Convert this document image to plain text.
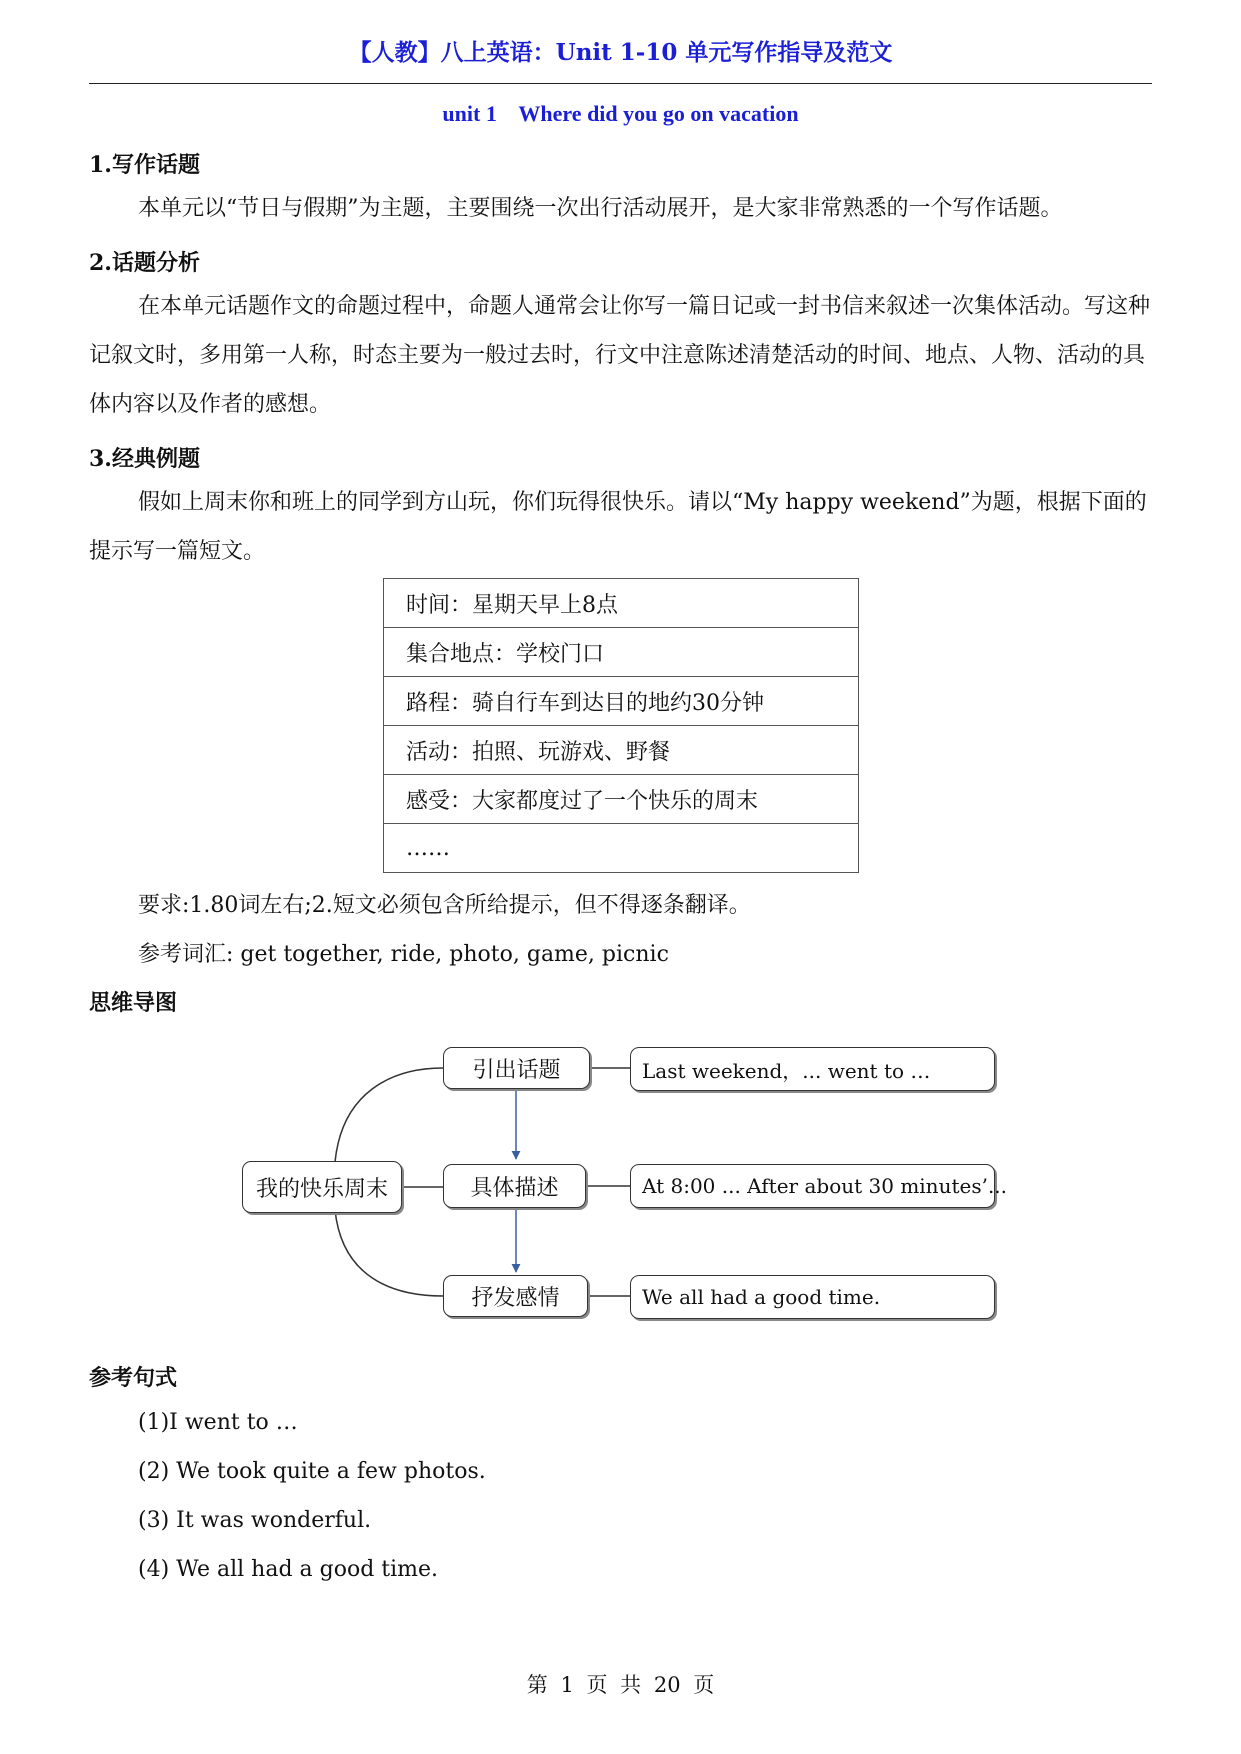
【人教】八上英语：Unit 1-10 单元写作指导及范文
unit 1    Where did you go on vacation
1.写作话题
本单元以“节日与假期”为主题，主要围绕一次出行活动展开，是大家非常熟悉的一个写作话题。
2.话题分析
在本单元话题作文的命题过程中，命题人通常会让你写一篇日记或一封书信来叙述一次集体活动。写这种记叙文时，多用第一人称，时态主要为一般过去时，行文中注意陈述清楚活动的时间、地点、人物、活动的具体内容以及作者的感想。
3.经典例题
假如上周末你和班上的同学到方山玩，你们玩得很快乐。请以“My happy weekend”为题，根据下面的提示写一篇短文。
时间：星期天早上8点
集合地点：学校门口
路程：骑自行车到达目的地约30分钟
活动：拍照、玩游戏、野餐
感受：大家都度过了一个快乐的周末
……
要求:1.80词左右;2.短文必须包含所给提示，但不得逐条翻译。
参考词汇: get together, ride, photo, game, picnic
思维导图
我的快乐周末
引出话题
具体描述
抒发感情
Last weekend，... went to …
At 8:00 ... After about 30 minutes’...
We all had a good time.
参考句式
(1)I went to …
(2) We took quite a few photos.
(3) It was wonderful.
(4) We all had a good time.
第 1 页 共 20 页
